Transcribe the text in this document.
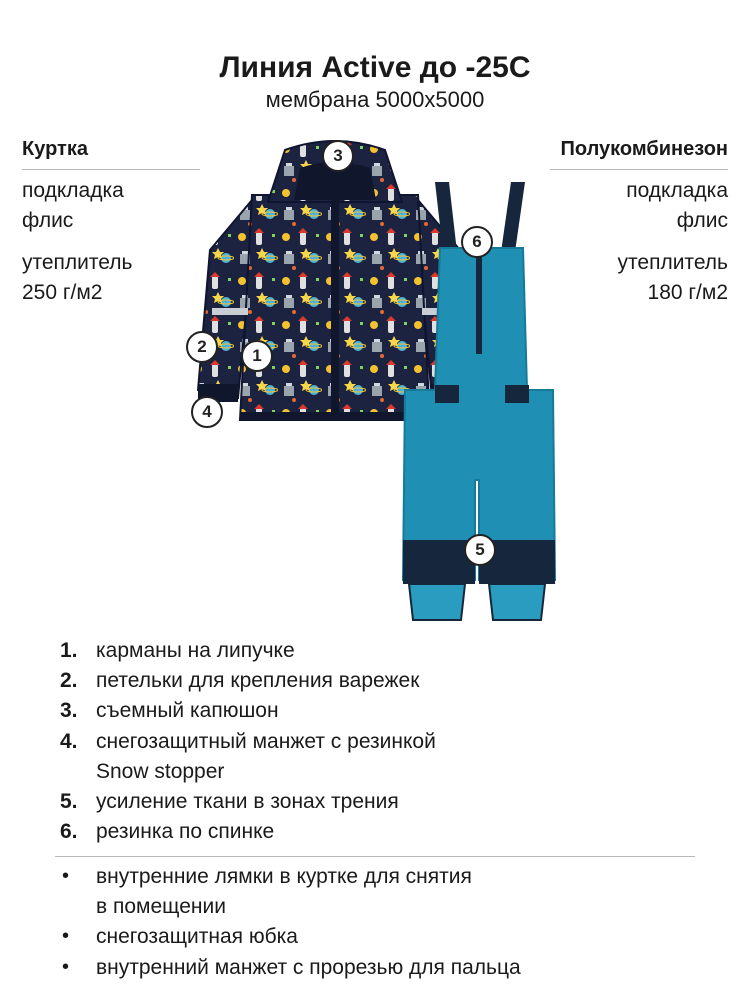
Линия Active до -25С
мембрана 5000х5000
Куртка
подкладка
флис
утеплитель
250 г/м2
Полукомбинезон
подкладка
флис
утеплитель
180 г/м2
1
2
3
4
5
6
1. карманы на липучке
2. петельки для крепления варежек
3. съемный капюшон
4. снегозащитный манжет с резинкой
Snow stopper
5. усиление ткани в зонах трения
6. резинка по спинке
• внутренние лямки в куртке для снятия
в помещении
• снегозащитная юбка
• внутренний манжет с прорезью для пальца
